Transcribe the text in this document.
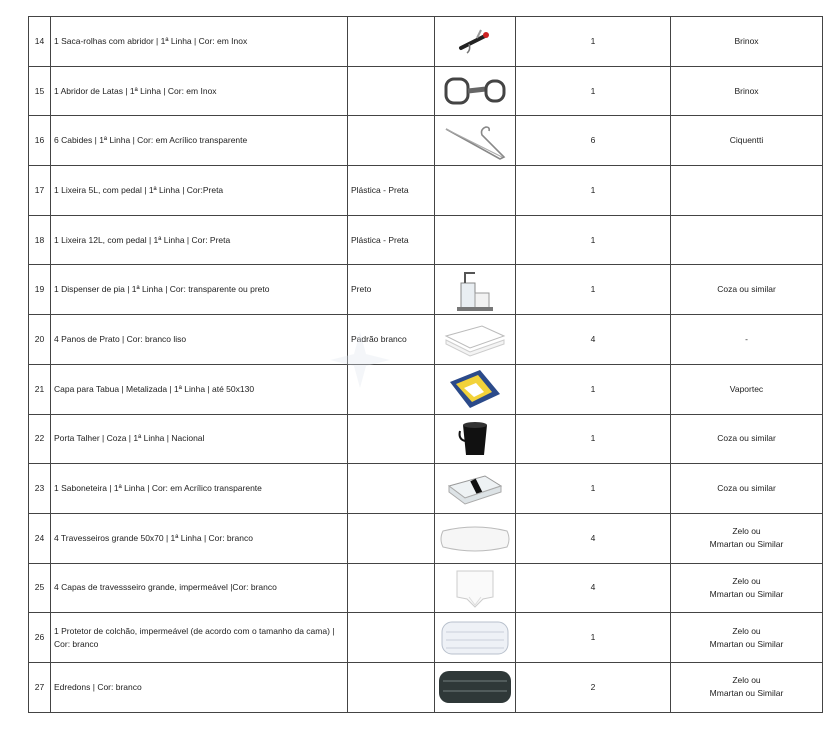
14	1 Saca-rolhas com abridor | 1ª Linha | Cor: em Inox			1	Brinox
15	1 Abridor de Latas | 1ª Linha | Cor: em Inox			1	Brinox
16	6 Cabides | 1ª Linha | Cor: em Acrílico transparente			6	Ciquentti
17	1 Lixeira 5L, com pedal | 1ª Linha | Cor:Preta	Plástica - Preta		1	
18	1 Lixeira 12L, com pedal | 1ª Linha | Cor: Preta	Plástica - Preta		1	
19	1 Dispenser de pia | 1ª Linha | Cor: transparente ou preto	Preto		1	Coza ou similar
20	4 Panos de Prato | Cor: branco liso	Padrão branco		4	-
21	Capa para Tabua | Metalizada | 1ª Linha | até 50x130			1	Vaportec
22	Porta Talher | Coza | 1ª Linha | Nacional			1	Coza ou similar
23	1 Saboneteira | 1ª Linha | Cor: em Acrílico transparente			1	Coza ou similar
24	4 Travesseiros grande 50x70 | 1ª Linha | Cor: branco			4	Zelo ou
Mmartan ou Similar
25	4 Capas de travessseiro grande, impermeável |Cor: branco			4	Zelo ou
Mmartan ou Similar
26	1 Protetor de colchão, impermeável (de acordo com o tamanho da cama) | Cor: branco			1	Zelo ou
Mmartan ou Similar
27	Edredons | Cor: branco			2	Zelo ou
Mmartan ou Similar
